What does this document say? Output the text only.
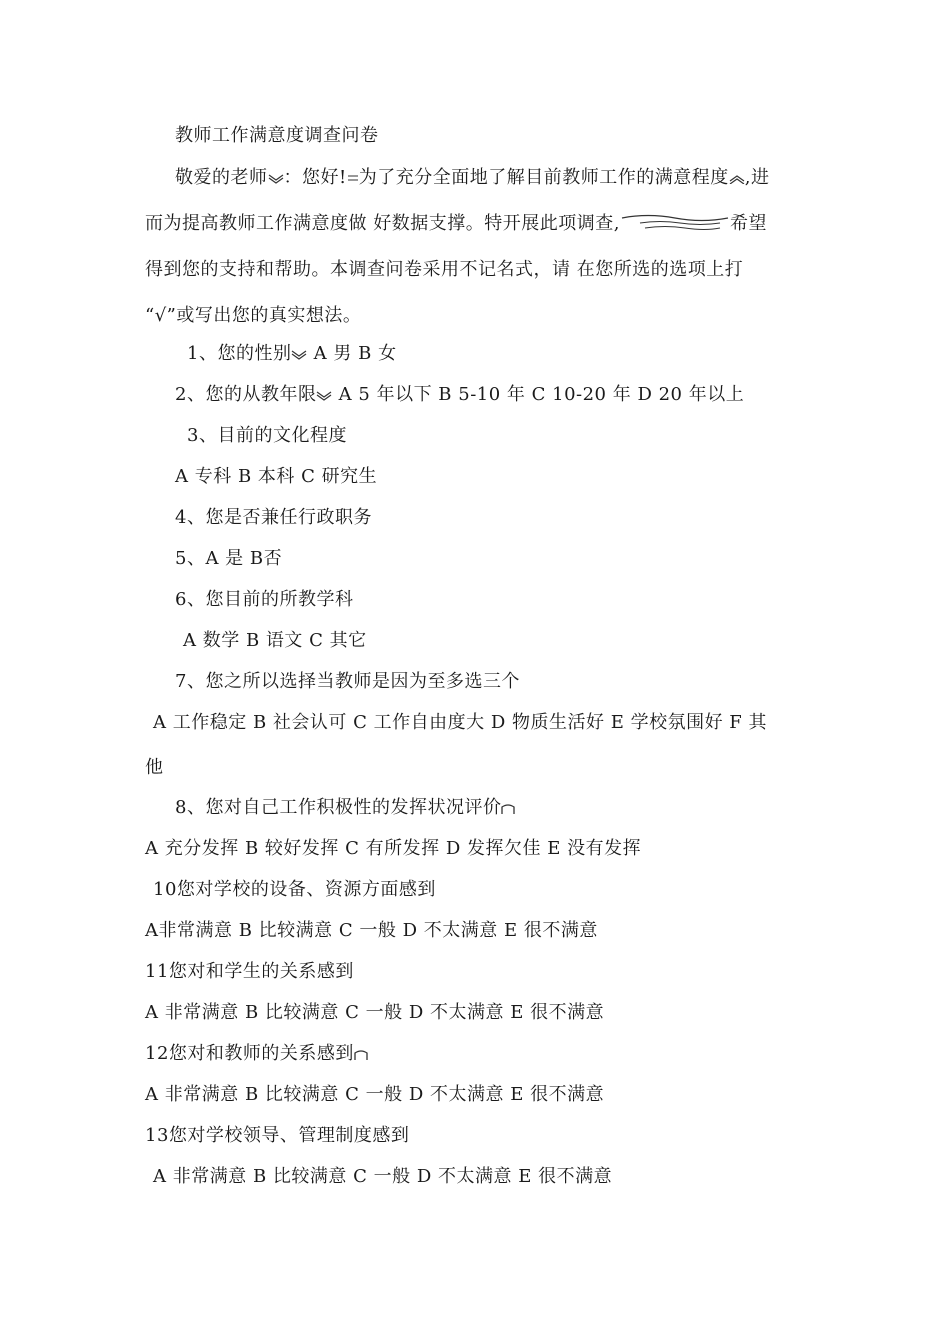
教师工作满意度调查问卷
敬爱的老师 ：您好! 为了充分全面地了解目前教师工作的满意程度 ,进
而为提高教师工作满意度做 好数据支撑。特开展此项调查,	希望
得到您的支持和帮助。本调查问卷采用不记名式，请 在您所选的选项上打
“√”或写出您的真实想法。
1、您的性别 A 男 B 女
2、您的从教年限 A 5 年以下 B 5-10 年 C 10-20 年 D 20 年以上
3、目前的文化程度
A 专科 B 本科 C 研究生
4、您是否兼任行政职务
5、A 是 B否
6、您目前的所教学科
A 数学 B 语文 C 其它
7、您之所以选择当教师是因为至多选三个
A 工作稳定 B 社会认可 C 工作自由度大 D 物质生活好 E 学校氛围好 F 其
他
8、您对自己工作积极性的发挥状况评价
A 充分发挥 B 较好发挥 C 有所发挥 D 发挥欠佳 E 没有发挥
10您对学校的设备、资源方面感到
A非常满意 B 比较满意 C 一般 D 不太满意 E 很不满意
11您对和学生的关系感到
A 非常满意 B 比较满意 C 一般 D 不太满意 E 很不满意
12您对和教师的关系感到
A 非常满意 B 比较满意 C 一般 D 不太满意 E 很不满意
13您对学校领导、管理制度感到
A 非常满意 B 比较满意 C 一般 D 不太满意 E 很不满意
